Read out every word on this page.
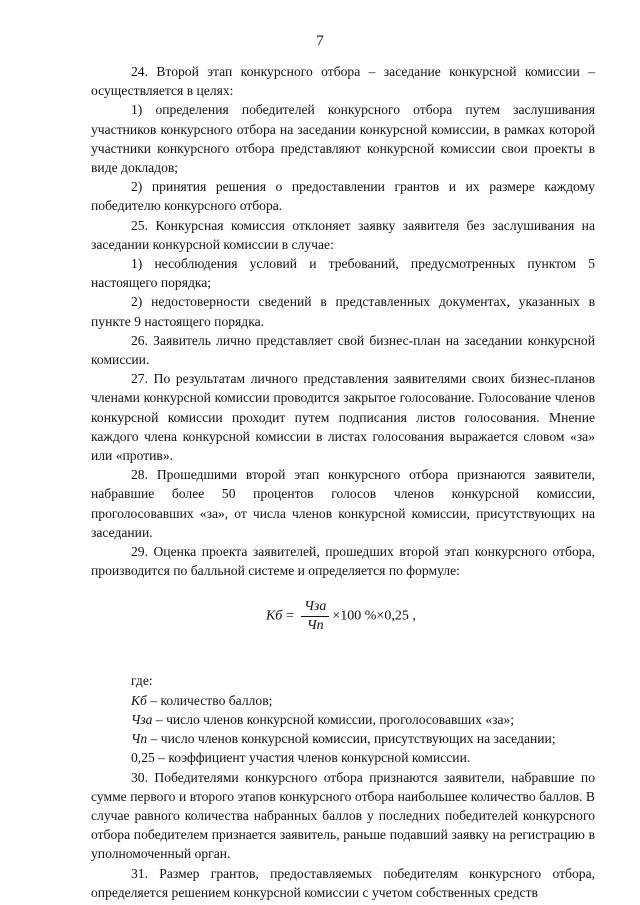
7

24. Второй этап конкурсного отбора – заседание конкурсной комиссии – осуществляется в целях:

1) определения победителей конкурсного отбора путем заслушивания участников конкурсного отбора на заседании конкурсной комиссии, в рамках которой участники конкурсного отбора представляют конкурсной комиссии свои проекты в виде докладов;

2) принятия решения о предоставлении грантов и их размере каждому победителю конкурсного отбора.

25. Конкурсная комиссия отклоняет заявку заявителя без заслушивания на заседании конкурсной комиссии в случае:

1) несоблюдения условий и требований, предусмотренных пунктом 5 настоящего порядка;

2) недостоверности сведений в представленных документах, указанных в пункте 9 настоящего порядка.

26. Заявитель лично представляет свой бизнес-план на заседании конкурсной комиссии.

27. По результатам личного представления заявителями своих бизнес-планов членами конкурсной комиссии проводится закрытое голосование. Голосование членов конкурсной комиссии проходит путем подписания листов голосования. Мнение каждого члена конкурсной комиссии в листах голосования выражается словом «за» или «против».

28. Прошедшими второй этап конкурсного отбора признаются заявители, набравшие более 50 процентов голосов членов конкурсной комиссии, проголосовавших «за», от числа членов конкурсной комиссии, присутствующих на заседании.

29. Оценка проекта заявителей, прошедших второй этап конкурсного отбора, производится по балльной системе и определяется по формуле:

Кб = $\frac{\text{Чза}}{Чп} \times 100$ %×0,25 ,

где:

Кб – количество баллов;

Чза – число членов конкурсной комиссии, проголосовавших «за»;

Чп – число членов конкурсной комиссии, присутствующих на заседании;

0,25 – коэффициент участия членов конкурсной комиссии.

30. Победителями конкурсного отбора признаются заявители, набравшие по сумме первого и второго этапов конкурсного отбора наибольшее количество баллов. В случае равного количества набранных баллов у последних победителей конкурсного отбора победителем признается заявитель, раньше подавший заявку на регистрацию в уполномоченный орган.

31. Размер грантов, предоставляемых победителям конкурсного отбора, определяется решением конкурсной комиссии с учетом собственных средств
